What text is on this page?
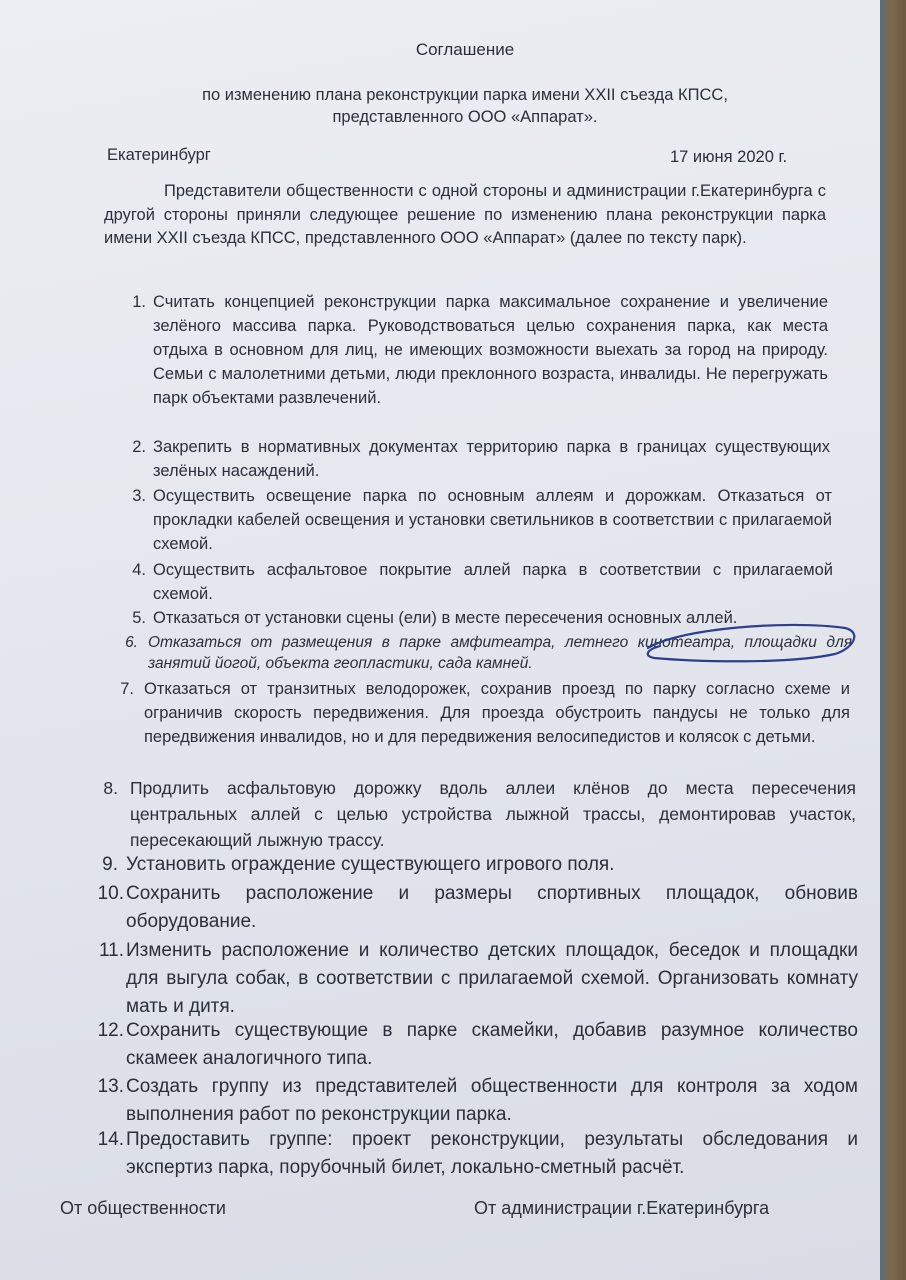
Соглашение
по изменению плана реконструкции парка имени XXII съезда КПСС,
представленного ООО «Аппарат».
Екатеринбург	17 июня 2020 г.

Представители общественности с одной стороны и администрации г.Екатеринбурга с другой стороны приняли следующее решение по изменению плана реконструкции парка имени XXII съезда КПСС, представленного ООО «Аппарат» (далее по тексту парк).

1. Считать концепцией реконструкции парка максимальное сохранение и увеличение зелёного массива парка. Руководствоваться целью сохранения парка, как места отдыха в основном для лиц, не имеющих возможности выехать за город на природу. Семьи с малолетними детьми, люди преклонного возраста, инвалиды. Не перегружать парк объектами развлечений.
2. Закрепить в нормативных документах территорию парка в границах существующих зелёных насаждений.
3. Осуществить освещение парка по основным аллеям и дорожкам. Отказаться от прокладки кабелей освещения и установки светильников в соответствии с прилагаемой схемой.
4. Осуществить асфальтовое покрытие аллей парка в соответствии с прилагаемой схемой.
5. Отказаться от установки сцены (ели) в месте пересечения основных аллей.
6. Отказаться от размещения в парке амфитеатра, летнего кинотеатра, площадки для занятий йогой, объекта геопластики, сада камней.
7. Отказаться от транзитных велодорожек, сохранив проезд по парку согласно схеме и ограничив скорость передвижения. Для проезда обустроить пандусы не только для передвижения инвалидов, но и для передвижения велосипедистов и колясок с детьми.
8. Продлить асфальтовую дорожку вдоль аллеи клёнов до места пересечения центральных аллей с целью устройства лыжной трассы, демонтировав участок, пересекающий лыжную трассу.
9. Установить ограждение существующего игрового поля.
10. Сохранить расположение и размеры спортивных площадок, обновив оборудование.
11. Изменить расположение и количество детских площадок, беседок и площадки для выгула собак, в соответствии с прилагаемой схемой. Организовать комнату мать и дитя.
12. Сохранить существующие в парке скамейки, добавив разумное количество скамеек аналогичного типа.
13. Создать группу из представителей общественности для контроля за ходом выполнения работ по реконструкции парка.
14. Предоставить группе: проект реконструкции, результаты обследования и экспертиз парка, порубочный билет, локально-сметный расчёт.
От общественности	От администрации г.Екатеринбурга
